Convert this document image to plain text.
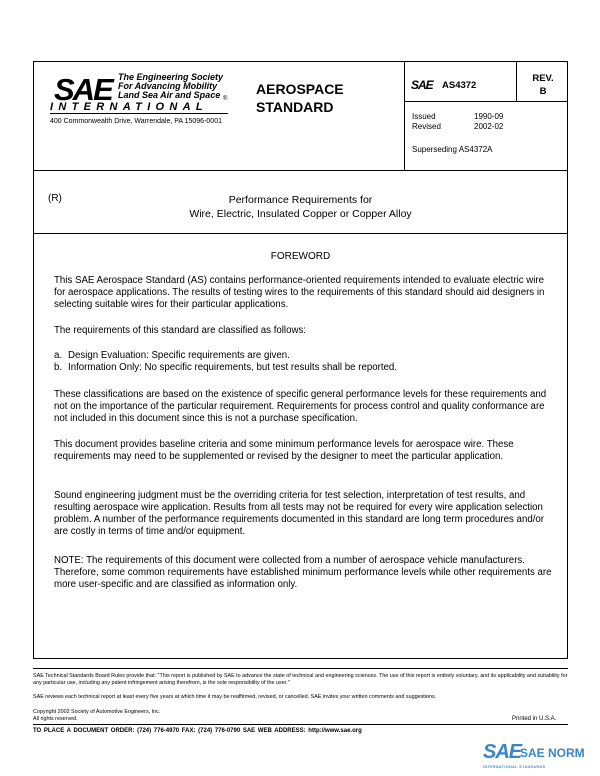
SAE The Engineering Society
For Advancing Mobility
Land Sea Air and Space
INTERNATIONAL
®
400 Commonwealth Drive, Warrendale, PA 15096-0001
AEROSPACE
STANDARD
SAE AS4372
REV.
B
Issued	1990-09
Revised	2002-02
Superseding AS4372A
(R)	Performance Requirements for
Wire, Electric, Insulated Copper or Copper Alloy
FOREWORD

This SAE Aerospace Standard (AS) contains performance-oriented requirements intended to evaluate electric wire for aerospace applications. The results of testing wires to the requirements of this standard should aid designers in selecting suitable wires for their particular applications.

The requirements of this standard are classified as follows:

a. Design Evaluation: Specific requirements are given.
b. Information Only: No specific requirements, but test results shall be reported.

These classifications are based on the existence of specific general performance levels for these requirements and not on the importance of the particular requirement. Requirements for process control and quality conformance are not included in this document since this is not a purchase specification.

This document provides baseline criteria and some minimum performance levels for aerospace wire. These requirements may need to be supplemented or revised by the designer to meet the particular application.

Sound engineering judgment must be the overriding criteria for test selection, interpretation of test results, and resulting aerospace wire application. Results from all tests may not be required for every wire application selection problem. A number of the performance requirements documented in this standard are long term procedures and/or are costly in terms of time and/or equipment.

NOTE: The requirements of this document were collected from a number of aerospace vehicle manufacturers. Therefore, some common requirements have established minimum performance levels while other requirements are more user-specific and are classified as information only.

SAE Technical Standards Board Rules provide that: "This report is published by SAE to advance the state of technical and engineering sciences. The use of this report is entirely voluntary, and its applicability and suitability for any particular use, including any patent infringement arising therefrom, is the sole responsibility of the user."
SAE reviews each technical report at least every five years at which time it may be reaffirmed, revised, or cancelled. SAE invites your written comments and suggestions.
Copyright 2002 Society of Automotive Engineers, Inc.
All rights reserved.	Printed in U.S.A.
TO PLACE A DOCUMENT ORDER: (724) 776-4970 FAX: (724) 776-0790 SAE WEB ADDRESS: http://www.sae.org
SAE
SAE NORM
INTERNATIONAL STANDARDS
